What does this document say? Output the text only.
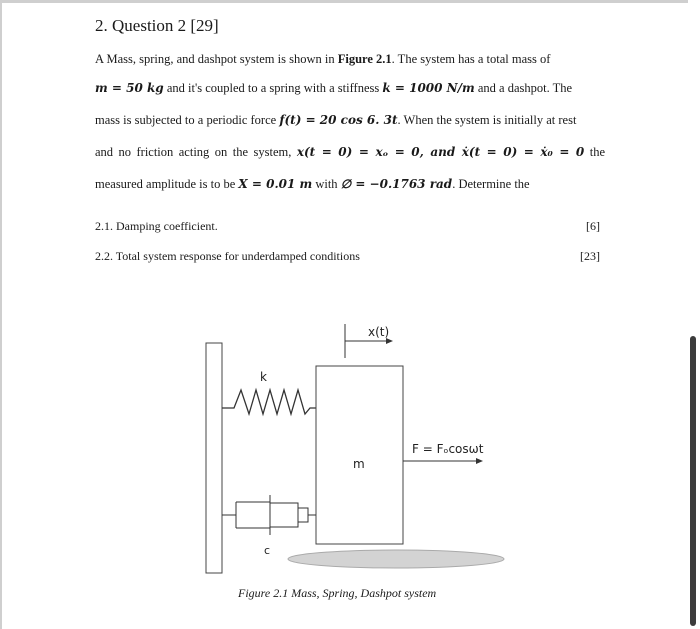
2. Question 2 [29]
A Mass, spring, and dashpot system is shown in Figure 2.1. The system has a total mass of
m = 50 kg and it's coupled to a spring with a stiffness k = 1000 N/m and a dashpot. The
mass is subjected to a periodic force f(t) = 20 cos 6. 3t. When the system is initially at rest
and no friction acting on the system, x(t = 0) = xₒ = 0, and ẋ(t = 0) = ẋ₀ = 0 the
measured amplitude is to be X = 0.01 m with ∅ = −0.1763 rad. Determine the
2.1. Damping coefficient.	[6]
2.2. Total system response for underdamped conditions	[23]
x(t)
k
m
F = Fₒcosωt
c
Figure 2.1 Mass, Spring, Dashpot system
